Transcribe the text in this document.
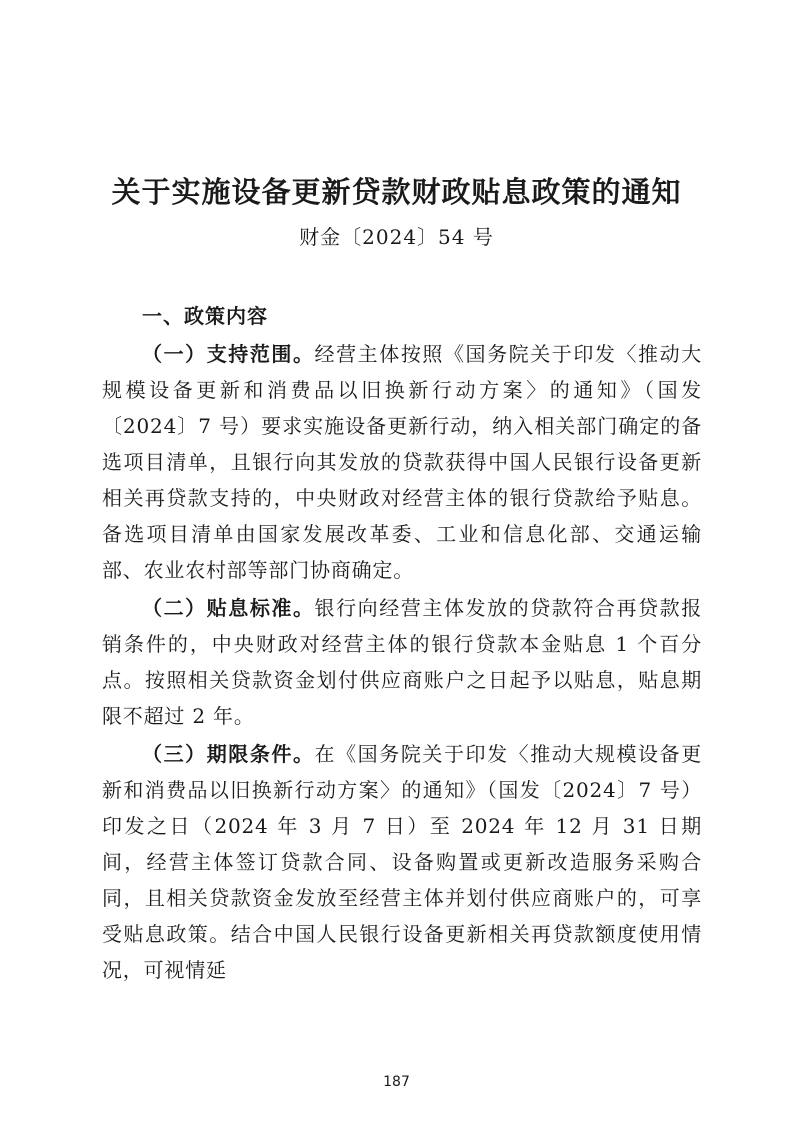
关于实施设备更新贷款财政贴息政策的通知
财金〔2024〕54 号
一、政策内容

（一）支持范围。经营主体按照《国务院关于印发〈推动大规模设备更新和消费品以旧换新行动方案〉的通知》（国发〔2024〕7 号）要求实施设备更新行动，纳入相关部门确定的备选项目清单，且银行向其发放的贷款获得中国人民银行设备更新相关再贷款支持的，中央财政对经营主体的银行贷款给予贴息。备选项目清单由国家发展改革委、工业和信息化部、交通运输部、农业农村部等部门协商确定。

（二）贴息标准。银行向经营主体发放的贷款符合再贷款报销条件的，中央财政对经营主体的银行贷款本金贴息 1 个百分点。按照相关贷款资金划付供应商账户之日起予以贴息，贴息期限不超过 2 年。

（三）期限条件。在《国务院关于印发〈推动大规模设备更新和消费品以旧换新行动方案〉的通知》（国发〔2024〕7 号）印发之日（2024 年 3 月 7 日）至 2024 年 12 月 31 日期间，经营主体签订贷款合同、设备购置或更新改造服务采购合同，且相关贷款资金发放至经营主体并划付供应商账户的，可享受贴息政策。结合中国人民银行设备更新相关再贷款额度使用情况，可视情延

187
